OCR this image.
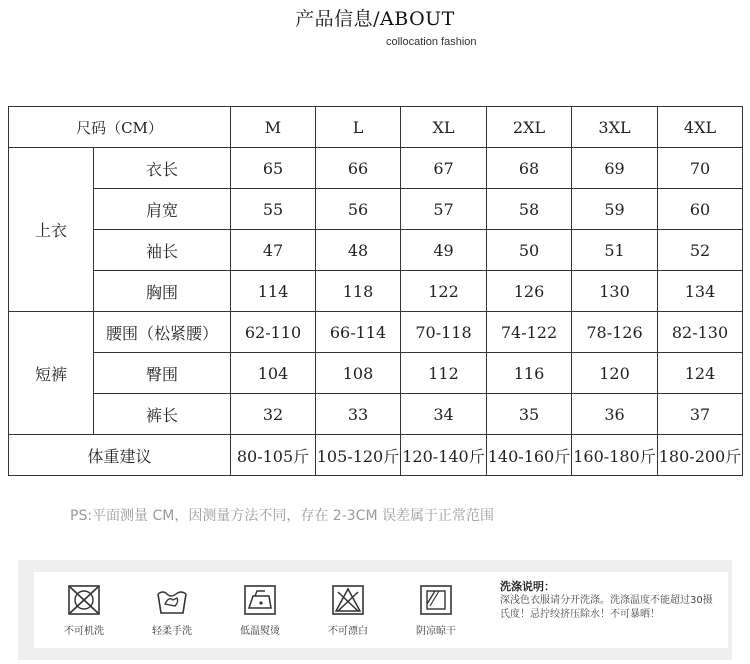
产品信息/ABOUT
collocation fashion
尺码（CM）		M	L	XL	2XL	3XL	4XL
上衣	衣长	65	66	67	68	69	70
	肩宽	55	56	57	58	59	60
	袖长	47	48	49	50	51	52
	胸围	114	118	122	126	130	134
短裤	腰围（松紧腰）	62-110	66-114	70-118	74-122	78-126	82-130
	臀围	104	108	112	116	120	124
	裤长	32	33	34	35	36	37
体重建议		80-105斤	105-120斤	120-140斤	140-160斤	160-180斤	180-200斤
PS:平面测量 CM，因测量方法不同，存在 2-3CM 误差属于正常范围
不可机洗	轻柔手洗	低温熨烫	不可漂白	阴凉晾干
洗涤说明：
深浅色衣服请分开洗涤。洗涤温度不能超过30摄氏度！忌拧绞挤压除水！不可暴晒！
